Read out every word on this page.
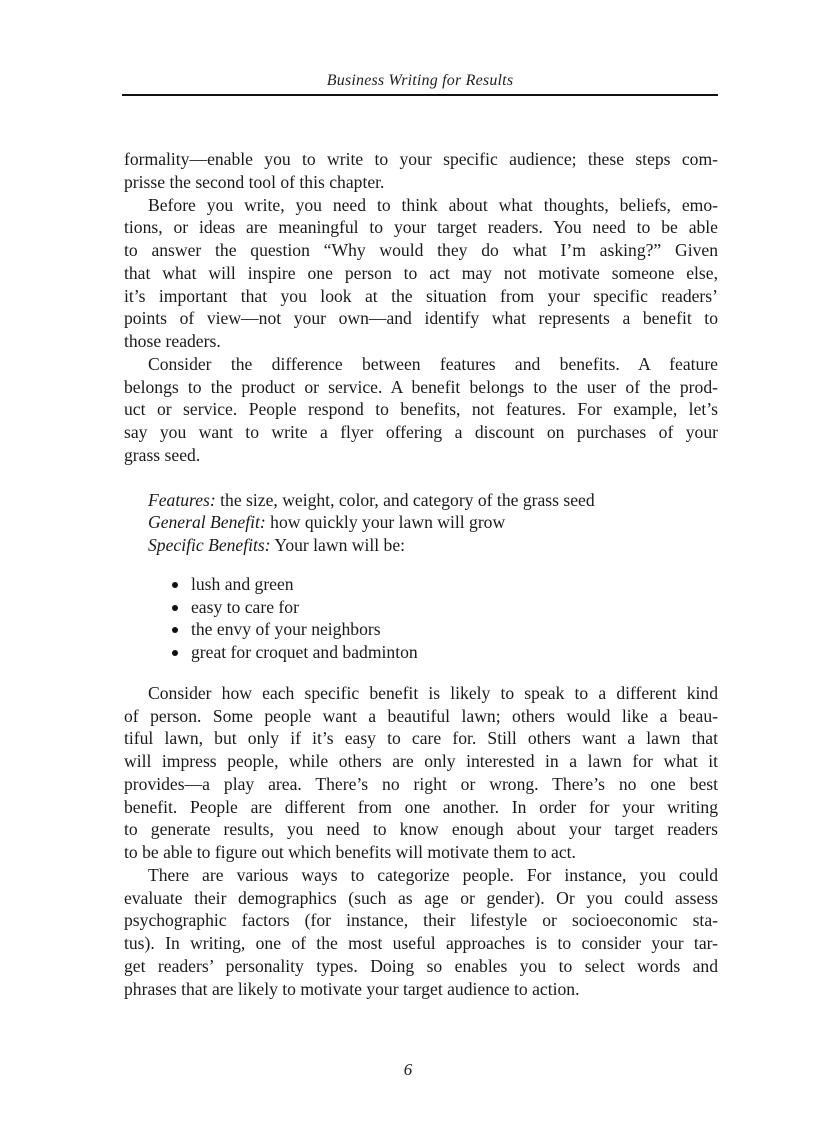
Business Writing for Results
formality—enable you to write to your specific audience; these steps com-
prisse the second tool of this chapter.
Before you write, you need to think about what thoughts, beliefs, emo-
tions, or ideas are meaningful to your target readers. You need to be able
to answer the question “Why would they do what I’m asking?” Given
that what will inspire one person to act may not motivate someone else,
it’s important that you look at the situation from your specific readers’
points of view—not your own—and identify what represents a benefit to
those readers.
Consider the difference between features and benefits. A feature
belongs to the product or service. A benefit belongs to the user of the prod-
uct or service. People respond to benefits, not features. For example, let’s
say you want to write a flyer offering a discount on purchases of your
grass seed.
Features: the size, weight, color, and category of the grass seed
General Benefit: how quickly your lawn will grow
Specific Benefits: Your lawn will be:
lush and green
easy to care for
the envy of your neighbors
great for croquet and badminton
Consider how each specific benefit is likely to speak to a different kind
of person. Some people want a beautiful lawn; others would like a beau-
tiful lawn, but only if it’s easy to care for. Still others want a lawn that
will impress people, while others are only interested in a lawn for what it
provides—a play area. There’s no right or wrong. There’s no one best
benefit. People are different from one another. In order for your writing
to generate results, you need to know enough about your target readers
to be able to figure out which benefits will motivate them to act.
There are various ways to categorize people. For instance, you could
evaluate their demographics (such as age or gender). Or you could assess
psychographic factors (for instance, their lifestyle or socioeconomic sta-
tus). In writing, one of the most useful approaches is to consider your tar-
get readers’ personality types. Doing so enables you to select words and
phrases that are likely to motivate your target audience to action.
6
